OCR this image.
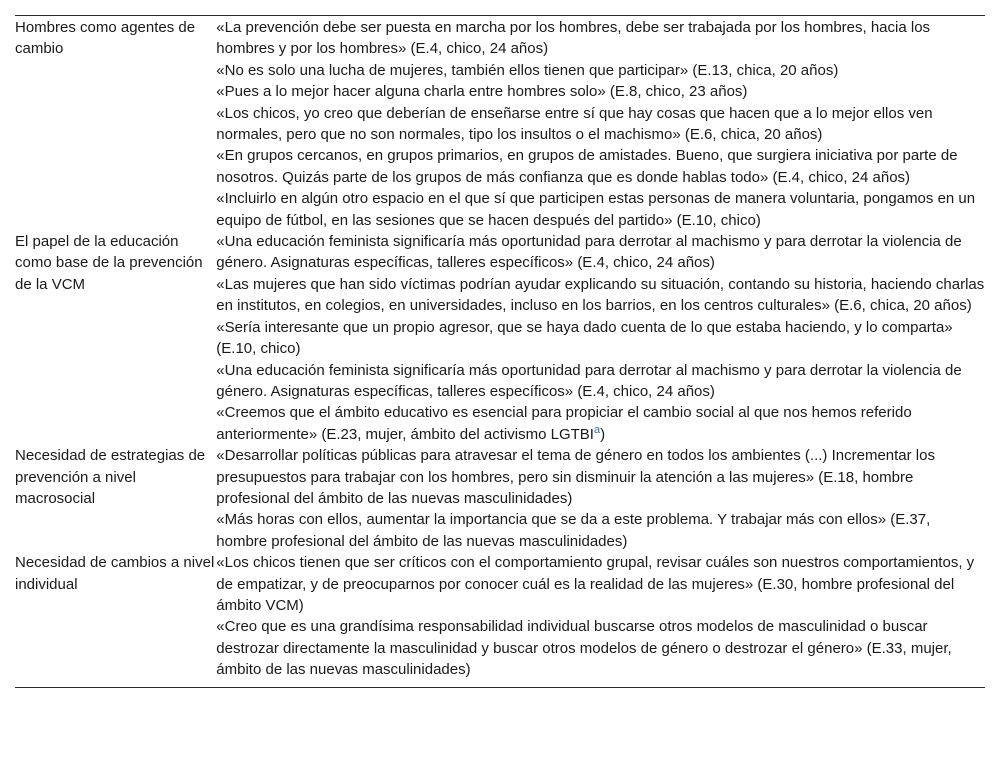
Hombres como agentes de cambio	«La prevención debe ser puesta en marcha por los hombres, debe ser trabajada por los hombres, hacia los hombres y por los hombres» (E.4, chico, 24 años)
	«No es solo una lucha de mujeres, también ellos tienen que participar» (E.13, chica, 20 años)
	«Pues a lo mejor hacer alguna charla entre hombres solo» (E.8, chico, 23 años)
	«Los chicos, yo creo que deberían de enseñarse entre sí que hay cosas que hacen que a lo mejor ellos ven normales, pero que no son normales, tipo los insultos o el machismo» (E.6, chica, 20 años)
	«En grupos cercanos, en grupos primarios, en grupos de amistades. Bueno, que surgiera iniciativa por parte de nosotros. Quizás parte de los grupos de más confianza que es donde hablas todo» (E.4, chico, 24 años)
	«Incluirlo en algún otro espacio en el que sí que participen estas personas de manera voluntaria, pongamos en un equipo de fútbol, en las sesiones que se hacen después del partido» (E.10, chico)
El papel de la educación como base de la prevención de la VCM	«Una educación feminista significaría más oportunidad para derrotar al machismo y para derrotar la violencia de género. Asignaturas específicas, talleres específicos» (E.4, chico, 24 años)
	«Las mujeres que han sido víctimas podrían ayudar explicando su situación, contando su historia, haciendo charlas en institutos, en colegios, en universidades, incluso en los barrios, en los centros culturales» (E.6, chica, 20 años)
	«Sería interesante que un propio agresor, que se haya dado cuenta de lo que estaba haciendo, y lo comparta» (E.10, chico)
	«Una educación feminista significaría más oportunidad para derrotar al machismo y para derrotar la violencia de género. Asignaturas específicas, talleres específicos» (E.4, chico, 24 años)
	«Creemos que el ámbito educativo es esencial para propiciar el cambio social al que nos hemos referido anteriormente» (E.23, mujer, ámbito del activismo LGTBI$^a$)
Necesidad de estrategias de prevención a nivel macrosocial	«Desarrollar políticas públicas para atravesar el tema de género en todos los ambientes (...) Incrementar los presupuestos para trabajar con los hombres, pero sin disminuir la atención a las mujeres» (E.18, hombre profesional del ámbito de las nuevas masculinidades)
	«Más horas con ellos, aumentar la importancia que se da a este problema. Y trabajar más con ellos» (E.37, hombre profesional del ámbito de las nuevas masculinidades)
Necesidad de cambios a nivel individual	«Los chicos tienen que ser críticos con el comportamiento grupal, revisar cuáles son nuestros comportamientos, y de empatizar, y de preocuparnos por conocer cuál es la realidad de las mujeres» (E.30, hombre profesional del ámbito VCM)
	«Creo que es una grandísima responsabilidad individual buscarse otros modelos de masculinidad o buscar destrozar directamente la masculinidad y buscar otros modelos de género o destrozar el género» (E.33, mujer, ámbito de las nuevas masculinidades)
